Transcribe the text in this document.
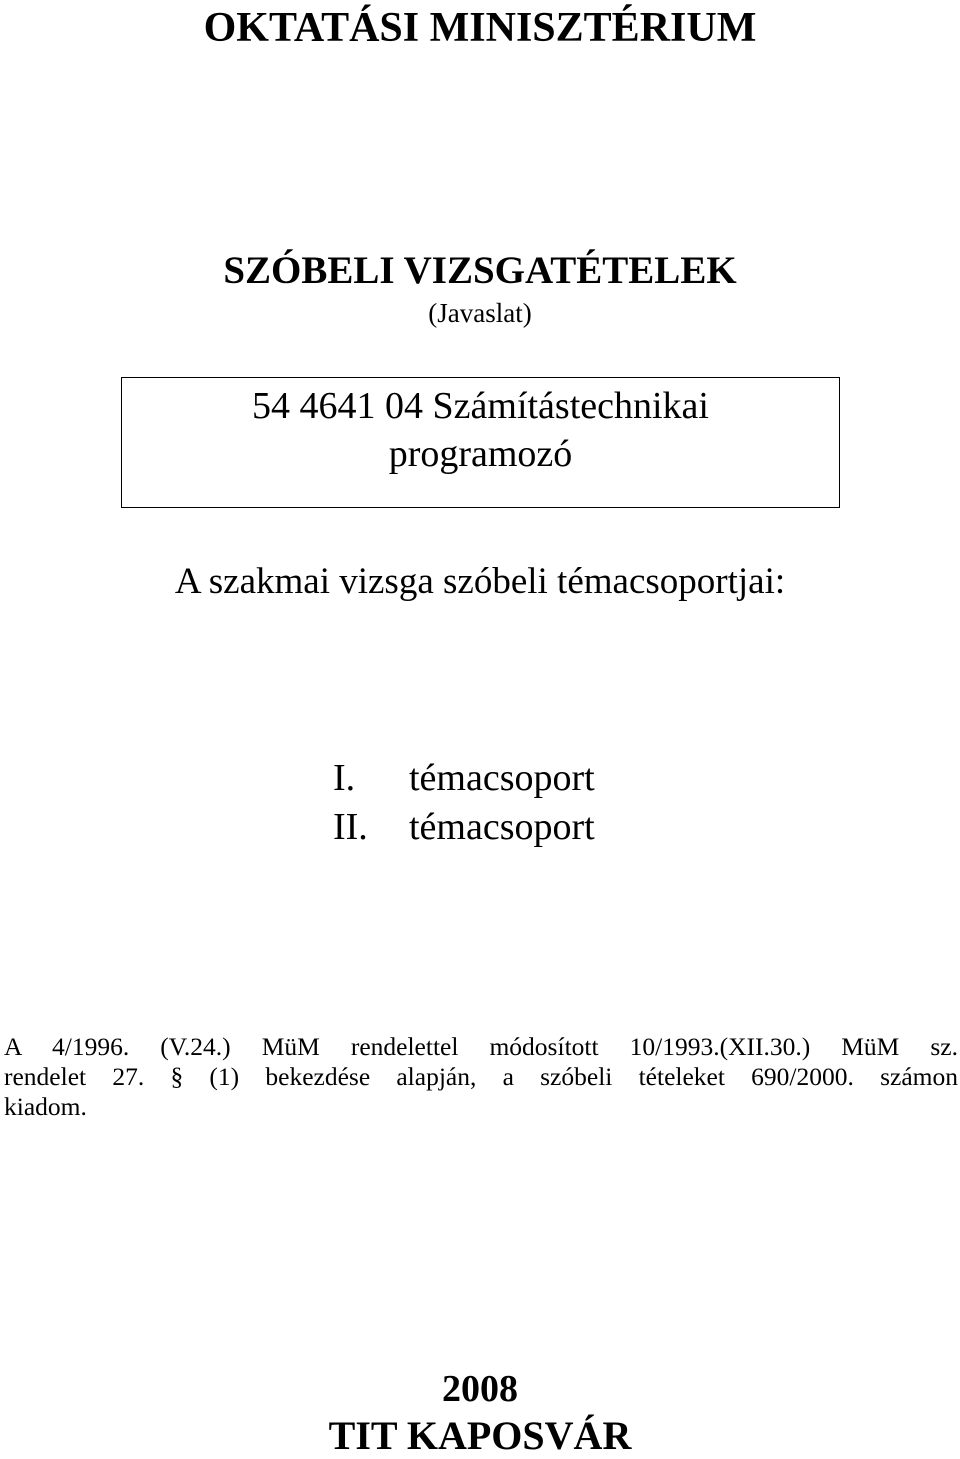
OKTATÁSI MINISZTÉRIUM
SZÓBELI VIZSGATÉTELEK
(Javaslat)
54 4641 04 Számítástechnikai
programozó
A szakmai vizsga szóbeli témacsoportjai:
I. témacsoport
II. témacsoport
A 4/1996. (V.24.) MüM rendelettel módosított 10/1993.(XII.30.) MüM sz.
rendelet 27. § (1) bekezdése alapján, a szóbeli tételeket 690/2000. számon
kiadom.
2008
TIT KAPOSVÁR
